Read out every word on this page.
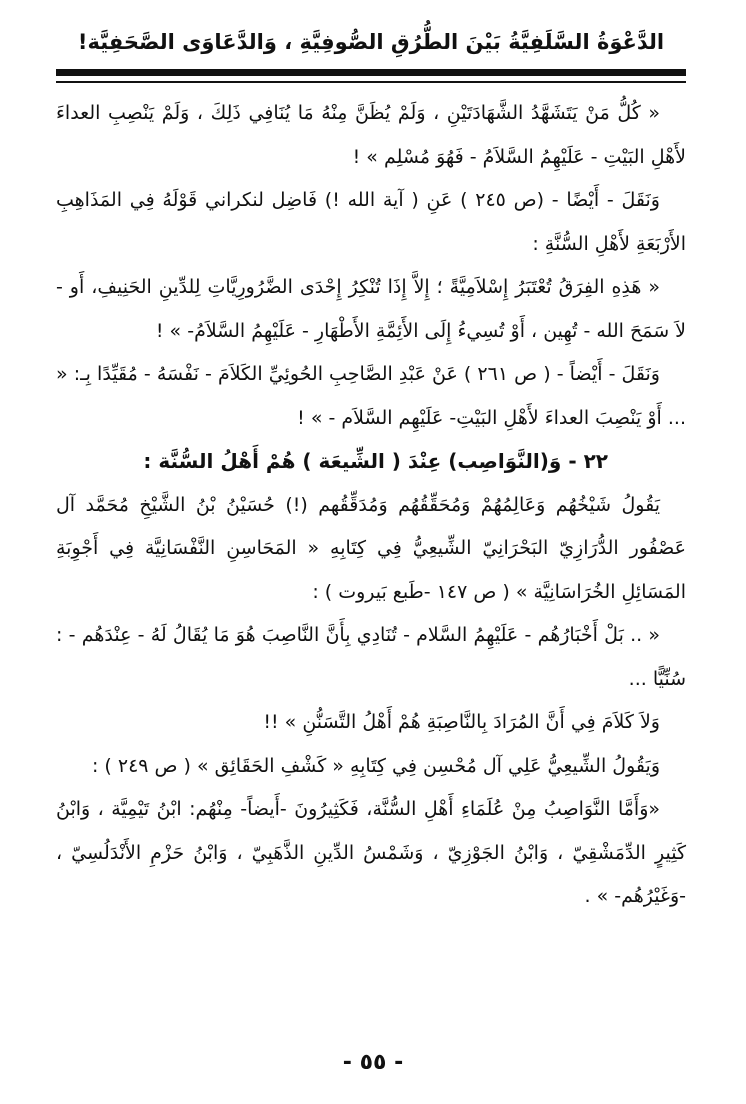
الدَّعْوَةُ السَّلَفِيَّةُ بَيْنَ الطُّرُقِ الصُّوفِيَّةِ ، وَالدَّعَاوَى الصَّحَفِيَّة!

« كُلُّ مَنْ يَتَشَهَّدُ الشَّهَادَتَيْنِ ، وَلَمْ يُظَنَّ مِنْهُ مَا يُنَافِي ذَلِكَ ، وَلَمْ يَنْصِبِ العداءَ لأَهْلِ البَيْتِ - عَلَيْهِمُ السَّلاَمُ - فَهُوَ مُسْلِم » !

وَنَقَلَ - أَيْضًا - (ص ٢٤٥ ) عَنِ ( آية الله !) فَاضِل لنكراني قَوْلَهُ فِي المَذَاهِبِ الأَرْبَعَةِ لأَهْلِ السُّنَّةِ :

« هَذِهِ الفِرَقُ تُعْتَبَرُ إِسْلاَمِيَّةً ؛ إِلاَّ إِذَا تُنْكِرُ إِحْدَى الضَّرُورِيَّاتِ لِلدِّينِ الحَنِيفِ، أَو - لاَ سَمَحَ الله - تُهِين ، أَوْ تُسِيءُ إِلَى الأَئِمَّةِ الأَطْهَارِ - عَلَيْهِمُ السَّلاَمُ- » !

وَنَقَلَ - أَيْضاً - ( ص ٢٦١ ) عَنْ عَبْدِ الصَّاحِبِ الحُوئِيِّ الكَلاَمَ - نَفْسَهُ - مُقَيِّدًا بِـ: « ... أَوْ يَنْصِبَ العداءَ لأَهْلِ البَيْتِ- عَلَيْهِم السَّلاَم - » !

٢٢ - وَ(النَّوَاصِب) عِنْدَ ( الشِّيعَة ) هُمْ أَهْلُ السُّنَّة :

يَقُولُ شَيْخُهُم وَعَالِمُهُمْ وَمُحَقِّقُهُم وَمُدَقِّقُهم (!) حُسَيْنُ بْنُ الشَّيْخِ مُحَمَّد آل عَصْفُور الدُّرَازِيّ البَحْرَانِيّ الشِّيعِيُّ فِي كِتَابِهِ « المَحَاسِنِ النَّفْسَانِيَّة فِي أَجْوِبَةِ المَسَائِلِ الخُرَاسَانِيَّة » ( ص ١٤٧ -طَبع بَيروت ) :

« .. بَلْ أَخْبَارُهُم - عَلَيْهِمُ السَّلام - تُنَادِي بِأَنَّ النَّاصِبَ هُوَ مَا يُقَالُ لَهُ - عِنْدَهُم - : سُنِّيًّا ...

وَلاَ كَلاَمَ فِي أَنَّ المُرَادَ بِالنَّاصِبَةِ هُمْ أَهْلُ التَّسَنُّنِ » !!

وَيَقُولُ الشِّيعِيُّ عَلِي آل مُحْسِن فِي كِتَابِهِ « كَشْفِ الحَقَائِق » ( ص ٢٤٩ ) :

«وَأَمَّا النَّوَاصِبُ مِنْ عُلَمَاءِ أَهْلِ السُّنَّة، فَكَثِيرُونَ -أَيضاً- مِنْهُم: ابْنُ تَيْمِيَّة ، وَابْنُ كَثِيرٍ الدِّمَشْقِيّ ، وَابْنُ الجَوْزِيّ ، وَشَمْسُ الدِّينِ الذَّهَبِيّ ، وَابْنُ حَزْمِ الأَنْدَلُسِيّ ، -وَغَيْرُهُم- » .

- ٥٥ -
